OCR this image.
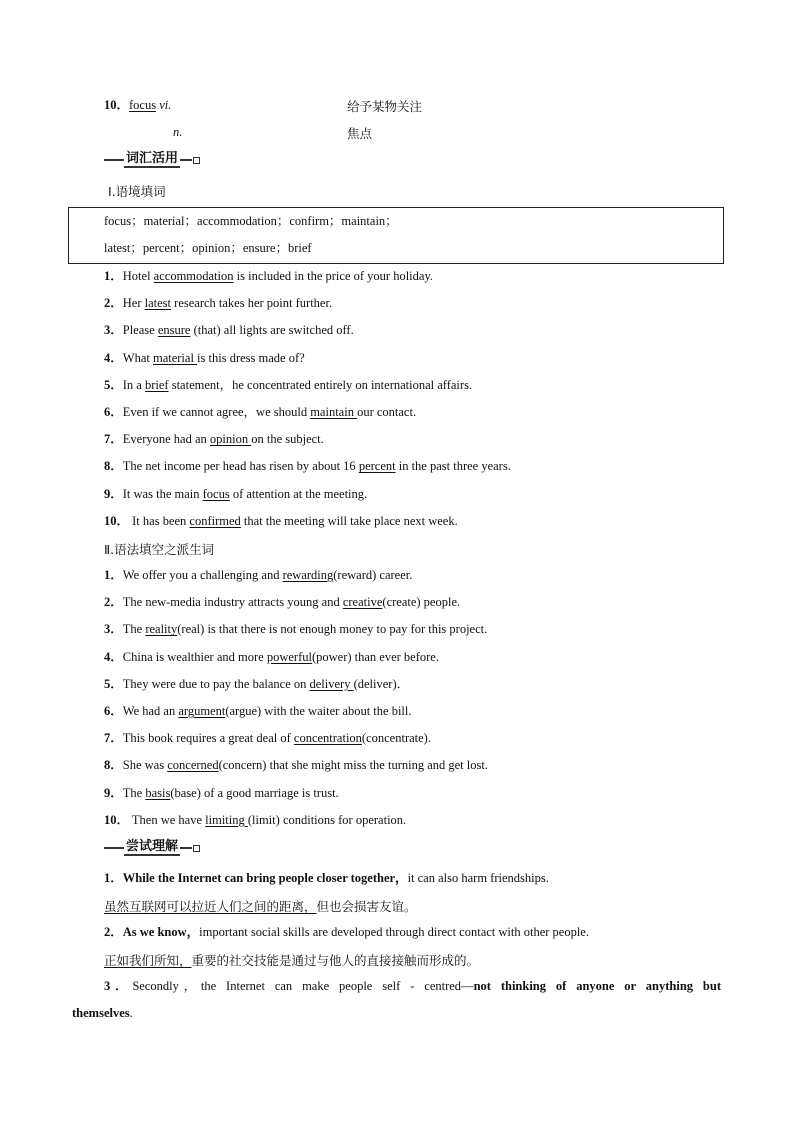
10．focus vi.
n.
给予某物关注
焦点
词汇活用
Ⅰ.语境填词
focus；material；accommodation；confirm；maintain；
latest；percent；opinion；ensure；brief
1．Hotel accommodation is included in the price of your holiday.
2．Her latest research takes her point further.
3．Please ensure (that) all lights are switched off.
4．What material is this dress made of?
5．In a brief statement，he concentrated entirely on international affairs.
6．Even if we cannot agree，we should maintain our contact.
7．Everyone had an opinion on the subject.
8．The net income per head has risen by about 16 percent in the past three years.
9．It was the main focus of attention at the meeting.
10． It has been confirmed that the meeting will take place next week.
Ⅱ.语法填空之派生词
1．We offer you a challenging and rewarding(reward) career.
2．The new-media industry attracts young and creative(create) people.
3．The reality(real) is that there is not enough money to pay for this project.
4．China is wealthier and more powerful(power) than ever before.
5．They were due to pay the balance on delivery (deliver)．
6．We had an argument(argue) with the waiter about the bill.
7．This book requires a great deal of concentration(concentrate).
8．She was concerned(concern) that she might miss the turning and get lost.
9．The basis(base) of a good marriage is trust.
10． Then we have limiting (limit) conditions for operation.
尝试理解
1．While the Internet can bring people closer together，it can also harm friendships.
虽然互联网可以拉近人们之间的距离，但也会损害友谊。
2．As we know，important social skills are developed through direct contact with other people.
正如我们所知，重要的社交技能是通过与他人的直接接触而形成的。
3．Secondly，the Internet can make people self - centred—not thinking of anyone or anything but
themselves.
